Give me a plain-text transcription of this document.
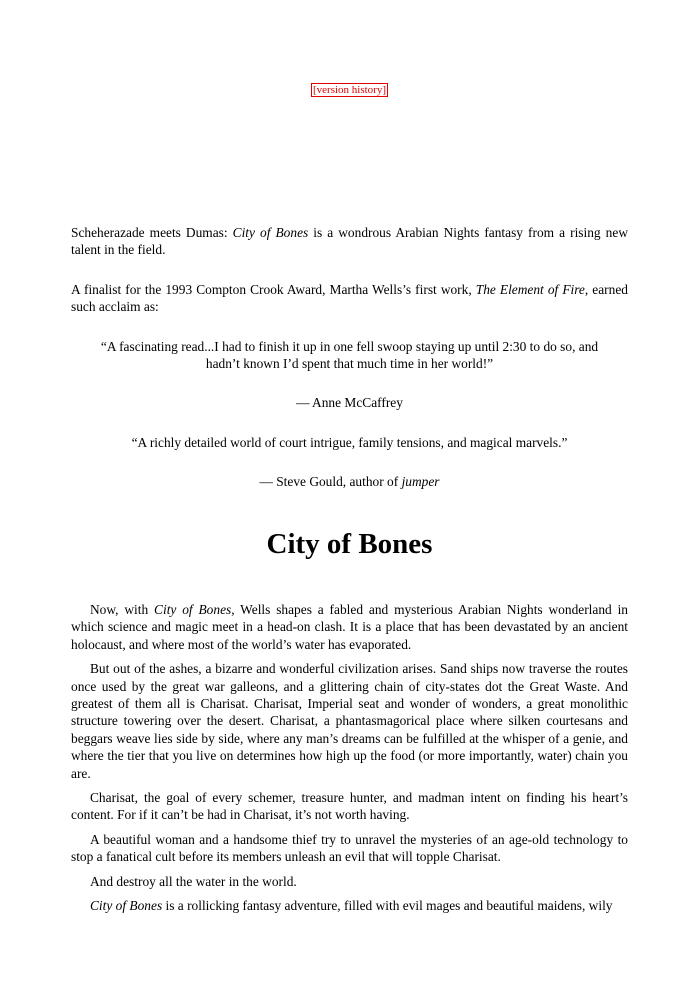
[version history]

Scheherazade meets Dumas: City of Bones is a wondrous Arabian Nights fantasy from a rising new talent in the field.

A finalist for the 1993 Compton Crook Award, Martha Wells’s first work, The Element of Fire, earned such acclaim as:

“A fascinating read...I had to finish it up in one fell swoop staying up until 2:30 to do so, and hadn’t known I’d spent that much time in her world!”

— Anne McCaffrey

“A richly detailed world of court intrigue, family tensions, and magical marvels.”

— Steve Gould, author of jumper

City of Bones

Now, with City of Bones, Wells shapes a fabled and mysterious Arabian Nights wonderland in which science and magic meet in a head-on clash. It is a place that has been devastated by an ancient holocaust, and where most of the world’s water has evaporated.

But out of the ashes, a bizarre and wonderful civilization arises. Sand ships now traverse the routes once used by the great war galleons, and a glittering chain of city-states dot the Great Waste. And greatest of them all is Charisat. Charisat, Imperial seat and wonder of wonders, a great monolithic structure towering over the desert. Charisat, a phantasmagorical place where silken courtesans and beggars weave lies side by side, where any man’s dreams can be fulfilled at the whisper of a genie, and where the tier that you live on determines how high up the food (or more importantly, water) chain you are.

Charisat, the goal of every schemer, treasure hunter, and madman intent on finding his heart’s content. For if it can’t be had in Charisat, it’s not worth having.

A beautiful woman and a handsome thief try to unravel the mysteries of an age-old technology to stop a fanatical cult before its members unleash an evil that will topple Charisat.

And destroy all the water in the world.

City of Bones is a rollicking fantasy adventure, filled with evil mages and beautiful maidens, wily
